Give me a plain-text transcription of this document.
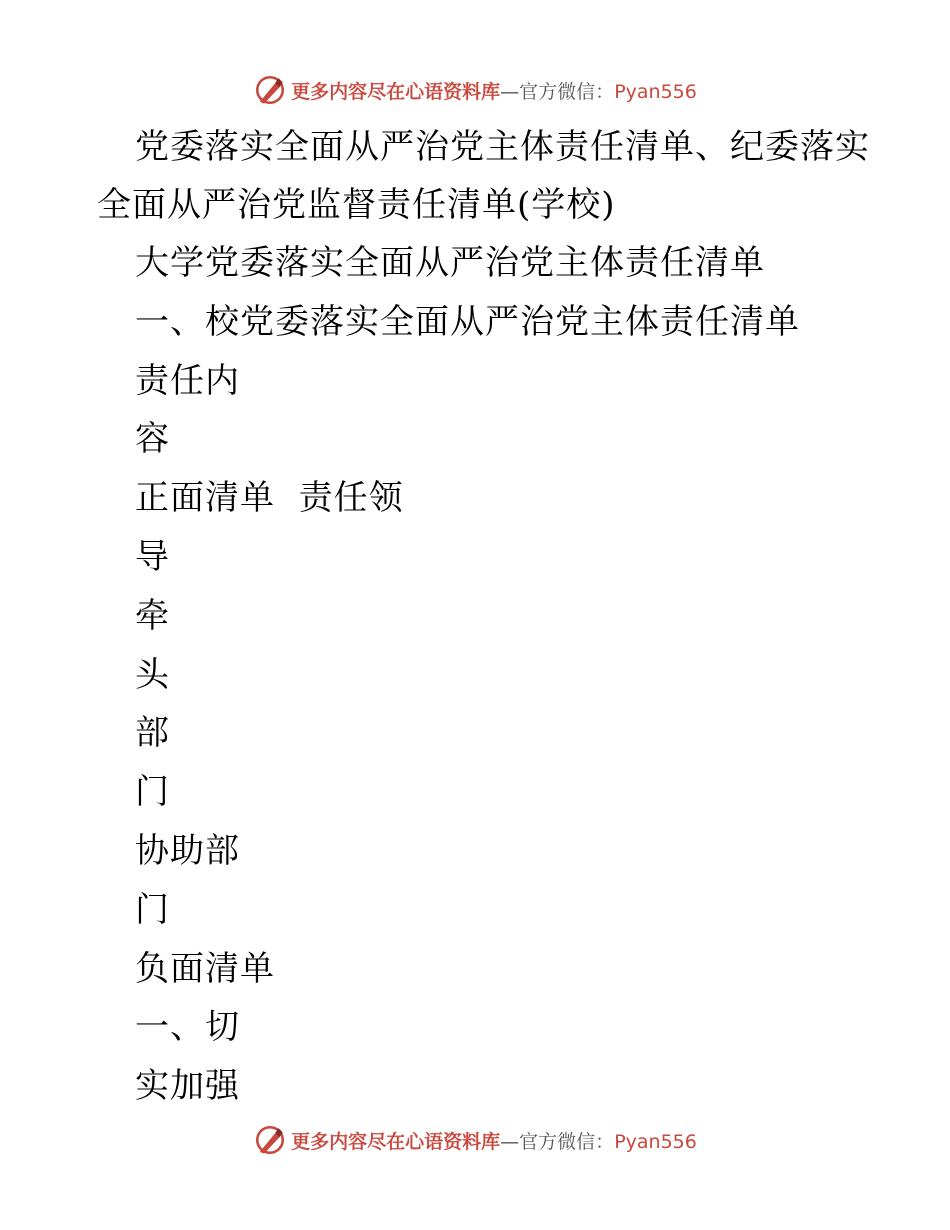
更多内容尽在心语资料库—官方微信：Pyan556
党委落实全面从严治党主体责任清单、纪委落实
全面从严治党监督责任清单(学校)
大学党委落实全面从严治党主体责任清单
一、校党委落实全面从严治党主体责任清单
责任内
容
正面清单  责任领
导
牵
头
部
门
协助部
门
负面清单
一、切
实加强
更多内容尽在心语资料库—官方微信：Pyan556
